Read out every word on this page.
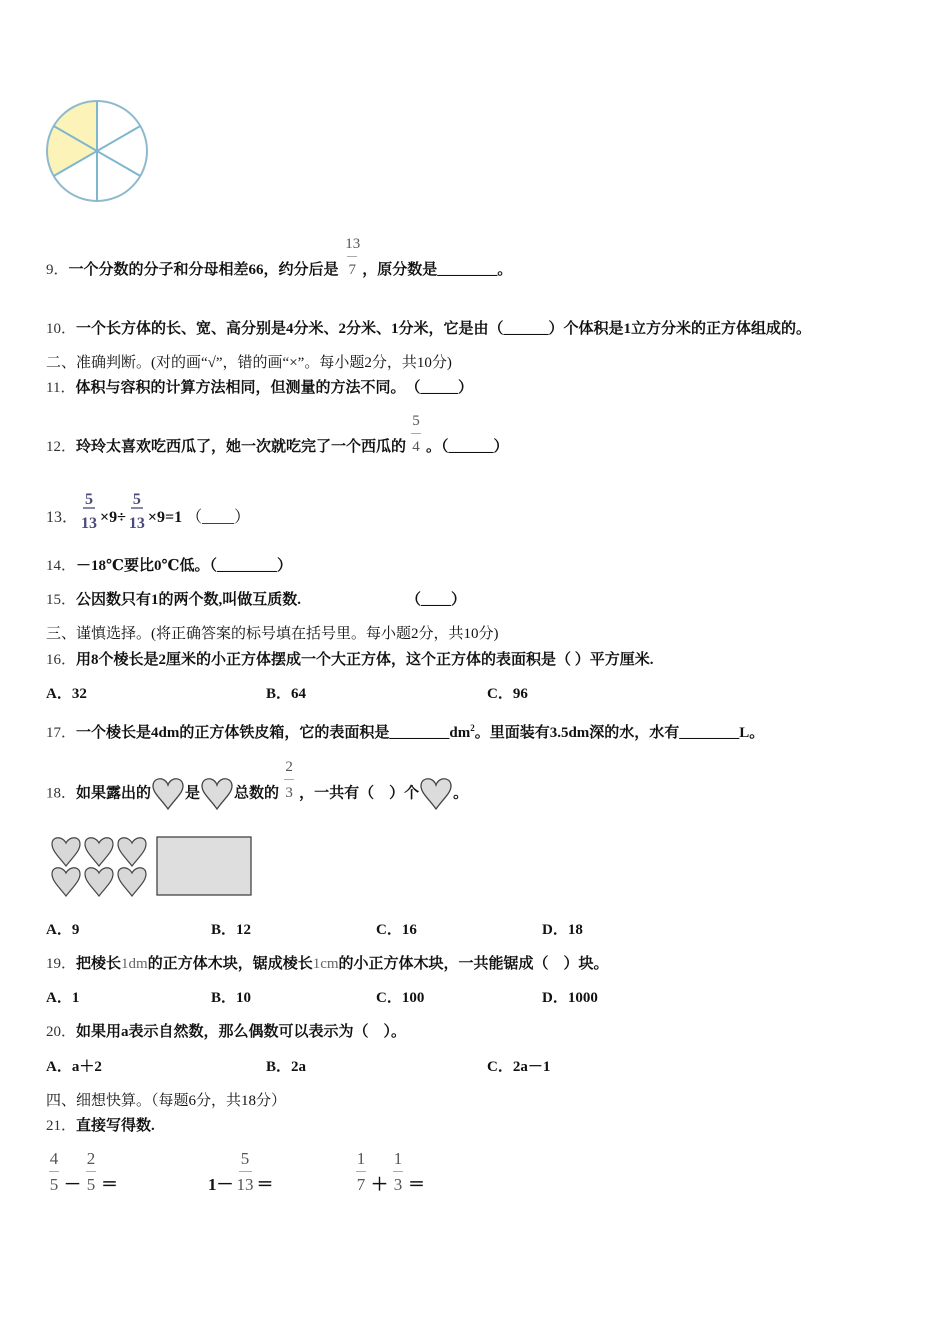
9．一个分数的分子和分母相差66，约分后是 $\frac{13}{7}$ ，原分数是________。
10．一个长方体的长、宽、高分别是4分米、2分米、1分米，它是由（______）个体积是1立方分米的正方体组成的。
二、准确判断。(对的画“√”，错的画“×”。每小题2分，共10分)
11．体积与容积的计算方法相同，但测量的方法不同。　（_____）
12．玲玲太喜欢吃西瓜了，她一次就吃完了一个西瓜的 $\frac{5}{4}$ 。（______）
13． $\frac{5}{13} \times 9\div \frac{5}{13} \times 9=1$ （____）
14．－18℃要比0℃低。（________）
15．公因数只有1的两个数,叫做互质数.	（____）
三、谨慎选择。(将正确答案的标号填在括号里。每小题2分，共10分)
16．用8个棱长是2厘米的小正方体摆成一个大正方体，这个正方体的表面积是（ ）平方厘米.
A．32	B．64	C．96
17．一个棱长是4dm的正方体铁皮箱，它的表面积是$\_\_\_\_\_\_\_\_dm^2$。里面装有3.5dm深的水，水有________L。
18．如果露出的 是 总数的 $\frac{2}{3}$ ，一共有（　）个 。
A．9	B．12	C．16	D．18
19．把棱长1dm的正方体木块，锯成棱长1cm的小正方体木块，一共能锯成（　）块。
A．1	B．10	C．100	D．1000
20．如果用a表示自然数，那么偶数可以表示为（　）。
A．a＋2	B．2a	C．2a－1
四、细想快算。（每题6分，共18分）
21．直接写得数.
$\frac{4}{5} - \frac{2}{5}$ ＝	$1- \frac{5}{13}$ ＝	$\frac{1}{7} + \frac{1}{3}$ ＝
